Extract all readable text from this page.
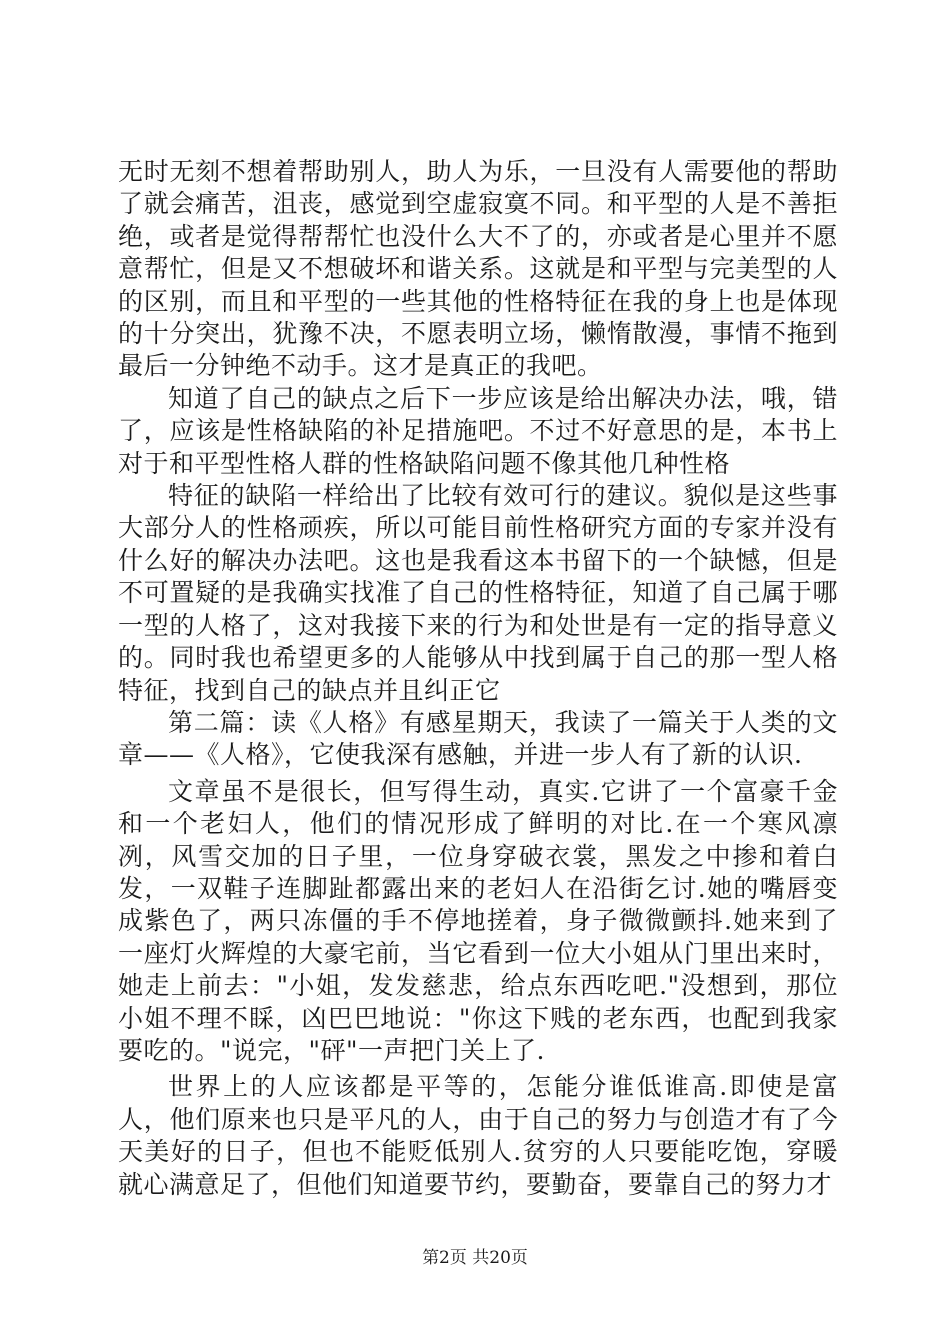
无时无刻不想着帮助别人，助人为乐，一旦没有人需要他的帮助了就会痛苦，沮丧，感觉到空虚寂寞不同。和平型的人是不善拒绝，或者是觉得帮帮忙也没什么大不了的，亦或者是心里并不愿意帮忙，但是又不想破坏和谐关系。这就是和平型与完美型的人的区别，而且和平型的一些其他的性格特征在我的身上也是体现的十分突出，犹豫不决，不愿表明立场，懒惰散漫，事情不拖到最后一分钟绝不动手。这才是真正的我吧。

知道了自己的缺点之后下一步应该是给出解决办法，哦，错了，应该是性格缺陷的补足措施吧。不过不好意思的是，本书上对于和平型性格人群的性格缺陷问题不像其他几种性格

特征的缺陷一样给出了比较有效可行的建议。貌似是这些事大部分人的性格顽疾，所以可能目前性格研究方面的专家并没有什么好的解决办法吧。这也是我看这本书留下的一个缺憾，但是不可置疑的是我确实找准了自己的性格特征，知道了自己属于哪一型的人格了，这对我接下来的行为和处世是有一定的指导意义的。同时我也希望更多的人能够从中找到属于自己的那一型人格特征，找到自己的缺点并且纠正它

第二篇：读《人格》有感星期天，我读了一篇关于人类的文章——《人格》，它使我深有感触，并进一步人有了新的认识.

文章虽不是很长，但写得生动，真实.它讲了一个富豪千金和一个老妇人，他们的情况形成了鲜明的对比.在一个寒风凛冽，风雪交加的日子里，一位身穿破衣裳，黑发之中掺和着白发，一双鞋子连脚趾都露出来的老妇人在沿街乞讨.她的嘴唇变成紫色了，两只冻僵的手不停地搓着，身子微微颤抖.她来到了一座灯火辉煌的大豪宅前，当它看到一位大小姐从门里出来时，她走上前去："小姐，发发慈悲，给点东西吃吧."没想到，那位小姐不理不睬，凶巴巴地说："你这下贱的老东西，也配到我家要吃的。"说完，"砰"一声把门关上了.

世界上的人应该都是平等的，怎能分谁低谁高.即使是富人，他们原来也只是平凡的人，由于自己的努力与创造才有了今天美好的日子，但也不能贬低别人.贫穷的人只要能吃饱，穿暖就心满意足了，但他们知道要节约，要勤奋，要靠自己的努力才

第2页 共20页
